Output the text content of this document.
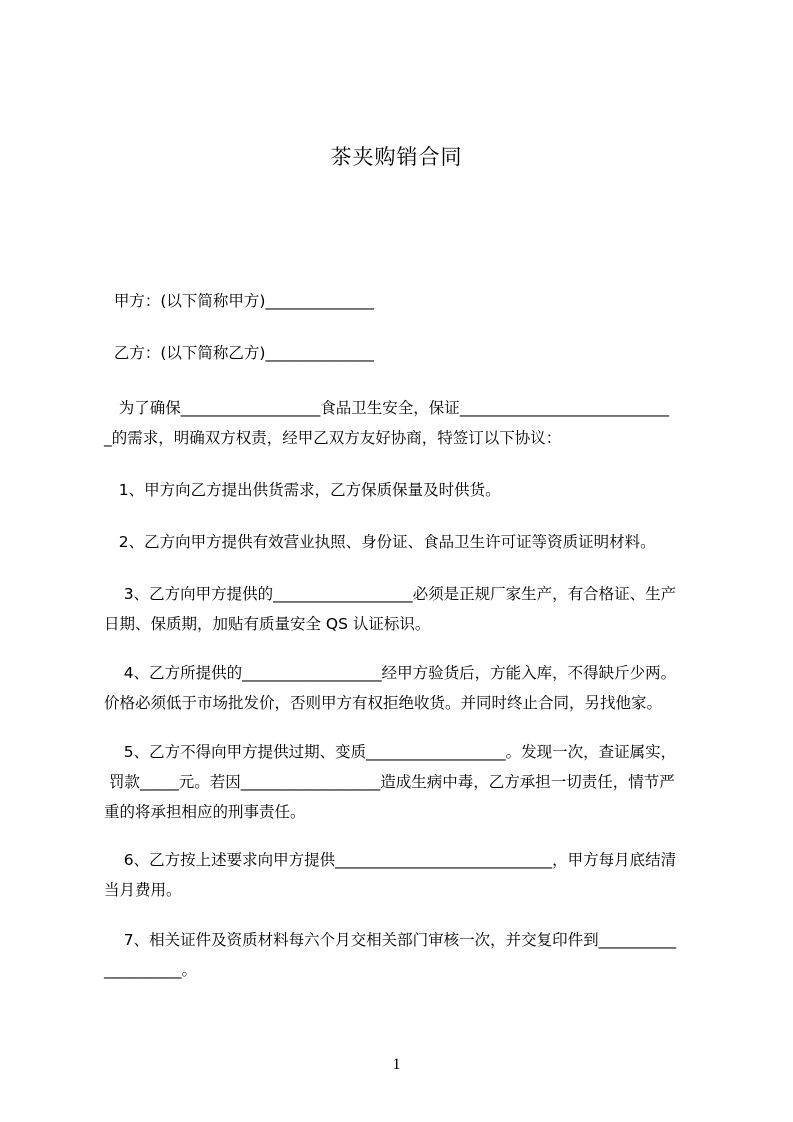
茶夹购销合同

甲方：(以下简称甲方)______________

乙方：(以下简称乙方)______________

为了确保__________________食品卫生安全，保证___________________________
_的需求，明确双方权责，经甲乙双方友好协商，特签订以下协议：

1、甲方向乙方提出供货需求，乙方保质保量及时供货。

2、乙方向甲方提供有效营业执照、身份证、食品卫生许可证等资质证明材料。

3、乙方向甲方提供的__________________必须是正规厂家生产，有合格证、生产
日期、保质期，加贴有质量安全 QS 认证标识。

4、乙方所提供的__________________经甲方验货后，方能入库，不得缺斤少两。
价格必须低于市场批发价，否则甲方有权拒绝收货。并同时终止合同，另找他家。

5、乙方不得向甲方提供过期、变质__________________。发现一次，查证属实，
罚款_____元。若因__________________造成生病中毒，乙方承担一切责任，情节严
重的将承担相应的刑事责任。

6、乙方按上述要求向甲方提供____________________________，甲方每月底结清
当月费用。

7、相关证件及资质材料每六个月交相关部门审核一次，并交复印件到__________
__________。

1
